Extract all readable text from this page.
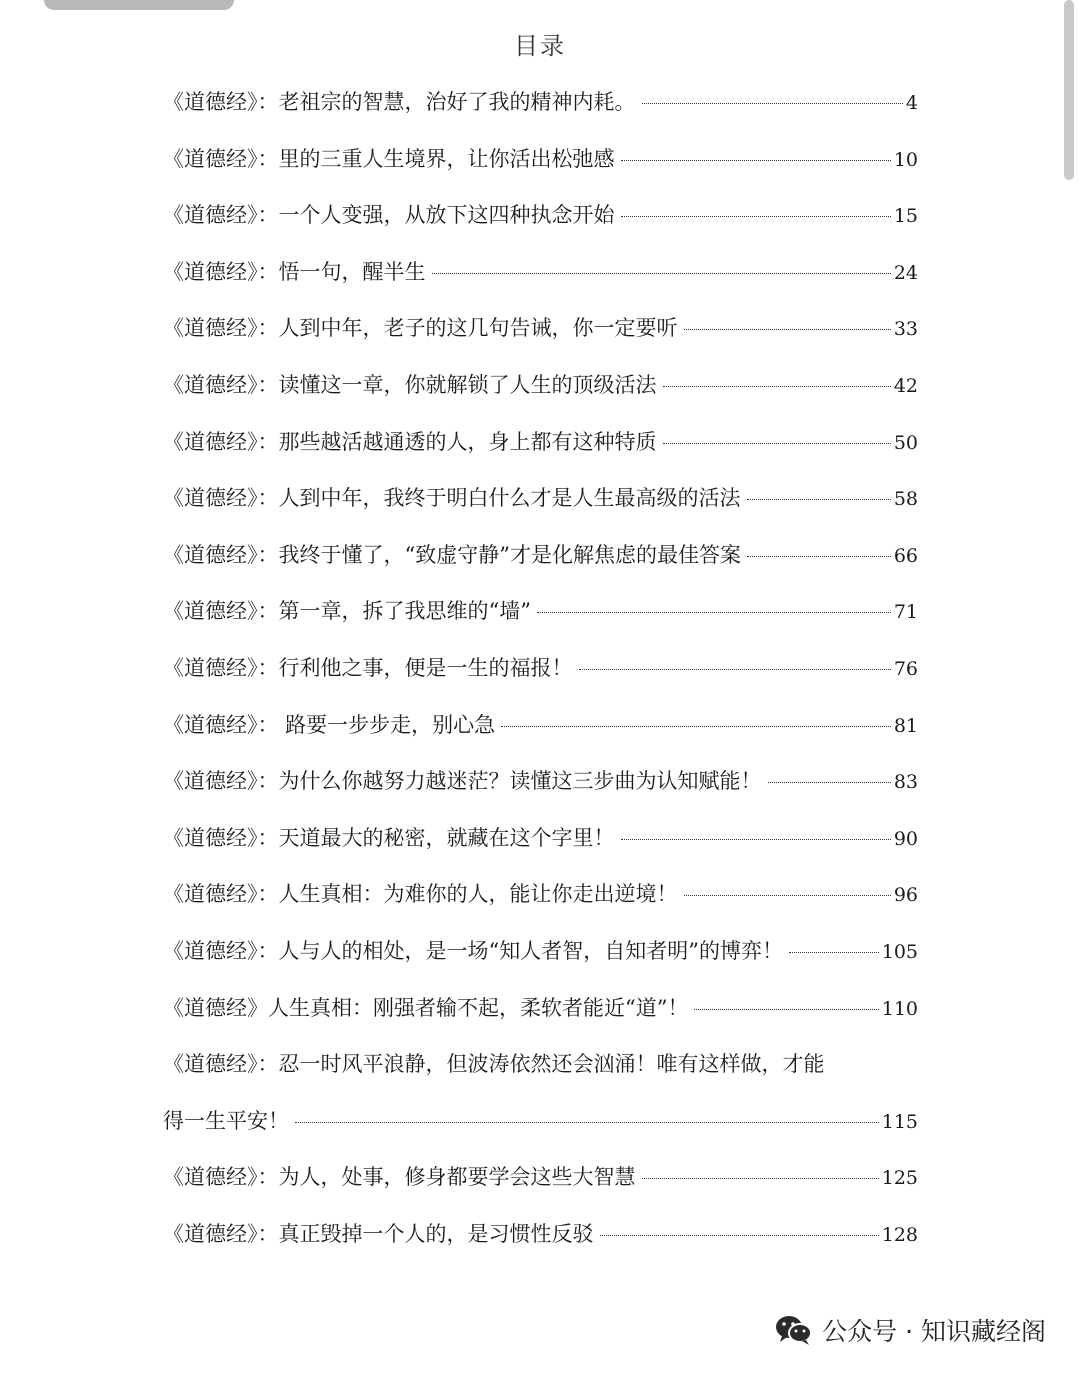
目录
《道德经》：老祖宗的智慧，治好了我的精神内耗。	4
《道德经》：里的三重人生境界，让你活出松弛感	10
《道德经》：一个人变强，从放下这四种执念开始	15
《道德经》：悟一句，醒半生	24
《道德经》：人到中年，老子的这几句告诫，你一定要听	33
《道德经》：读懂这一章，你就解锁了人生的顶级活法	42
《道德经》：那些越活越通透的人，身上都有这种特质	50
《道德经》：人到中年，我终于明白什么才是人生最高级的活法	58
《道德经》：我终于懂了，“致虚守静”才是化解焦虑的最佳答案	66
《道德经》：第一章，拆了我思维的“墙”	71
《道德经》：行利他之事，便是一生的福报！	76
《道德经》： 路要一步步走，别心急	81
《道德经》：为什么你越努力越迷茫？读懂这三步曲为认知赋能！	83
《道德经》：天道最大的秘密，就藏在这个字里！	90
《道德经》：人生真相：为难你的人，能让你走出逆境！	96
《道德经》：人与人的相处，是一场“知人者智，自知者明”的博弈！	105
《道德经》人生真相：刚强者输不起，柔软者能近“道”！	110
《道德经》：忍一时风平浪静，但波涛依然还会汹涌！唯有这样做，才能
得一生平安！	115
《道德经》：为人，处事，修身都要学会这些大智慧	125
《道德经》：真正毁掉一个人的，是习惯性反驳	128
公众号 · 知识藏经阁
